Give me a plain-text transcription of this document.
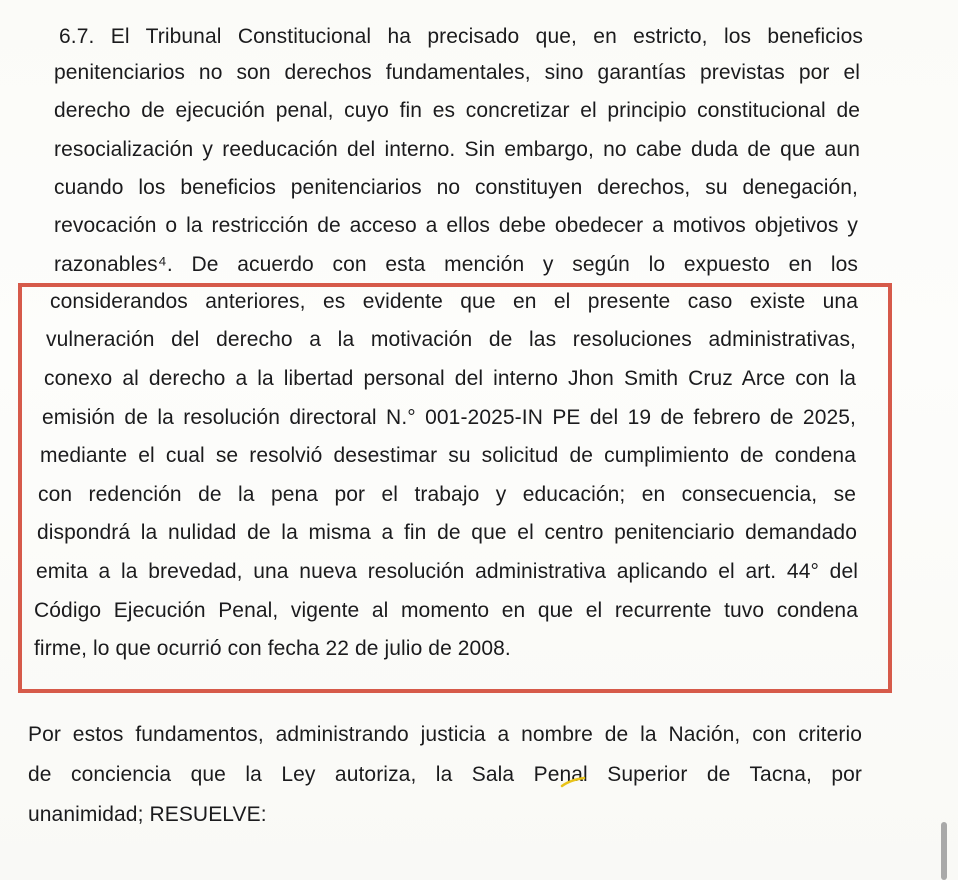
6.7. El Tribunal Constitucional ha precisado que, en estricto, los beneficios
penitenciarios no son derechos fundamentales, sino garantías previstas por el
derecho de ejecución penal, cuyo fin es concretizar el principio constitucional de
resocialización y reeducación del interno. Sin embargo, no cabe duda de que aun
cuando los beneficios penitenciarios no constituyen derechos, su denegación,
revocación o la restricción de acceso a ellos debe obedecer a motivos objetivos y
razonables⁴. De acuerdo con esta mención y según lo expuesto en los
considerandos anteriores, es evidente que en el presente caso existe una
vulneración del derecho a la motivación de las resoluciones administrativas,
conexo al derecho a la libertad personal del interno Jhon Smith Cruz Arce con la
emisión de la resolución directoral N.° 001-2025-IN PE del 19 de febrero de 2025,
mediante el cual se resolvió desestimar su solicitud de cumplimiento de condena
con redención de la pena por el trabajo y educación; en consecuencia, se
dispondrá la nulidad de la misma a fin de que el centro penitenciario demandado
emita a la brevedad, una nueva resolución administrativa aplicando el art. 44° del
Código Ejecución Penal, vigente al momento en que el recurrente tuvo condena
firme, lo que ocurrió con fecha 22 de julio de 2008.
Por estos fundamentos, administrando justicia a nombre de la Nación, con criterio
de conciencia que la Ley autoriza, la Sala Penal Superior de Tacna, por
unanimidad; RESUELVE:
